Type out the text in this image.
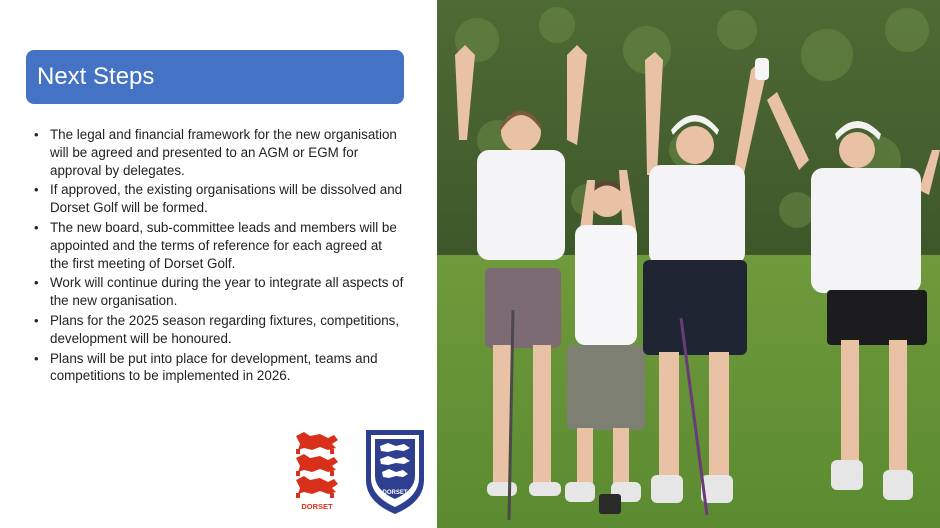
Next Steps
• The legal and financial framework for the new organisation will be agreed and presented to an AGM or EGM for approval by delegates.
• If approved, the existing organisations will be dissolved and Dorset Golf will be formed.
• The new board, sub-committee leads and members will be appointed and the terms of reference for each agreed at the first meeting of Dorset Golf.
• Work will continue during the year to integrate all aspects of the new organisation.
• Plans for the 2025 season regarding fixtures, competitions, development will be honoured.
• Plans will be put into place for development, teams and competitions to be implemented in 2026.
DORSET
DORSET
